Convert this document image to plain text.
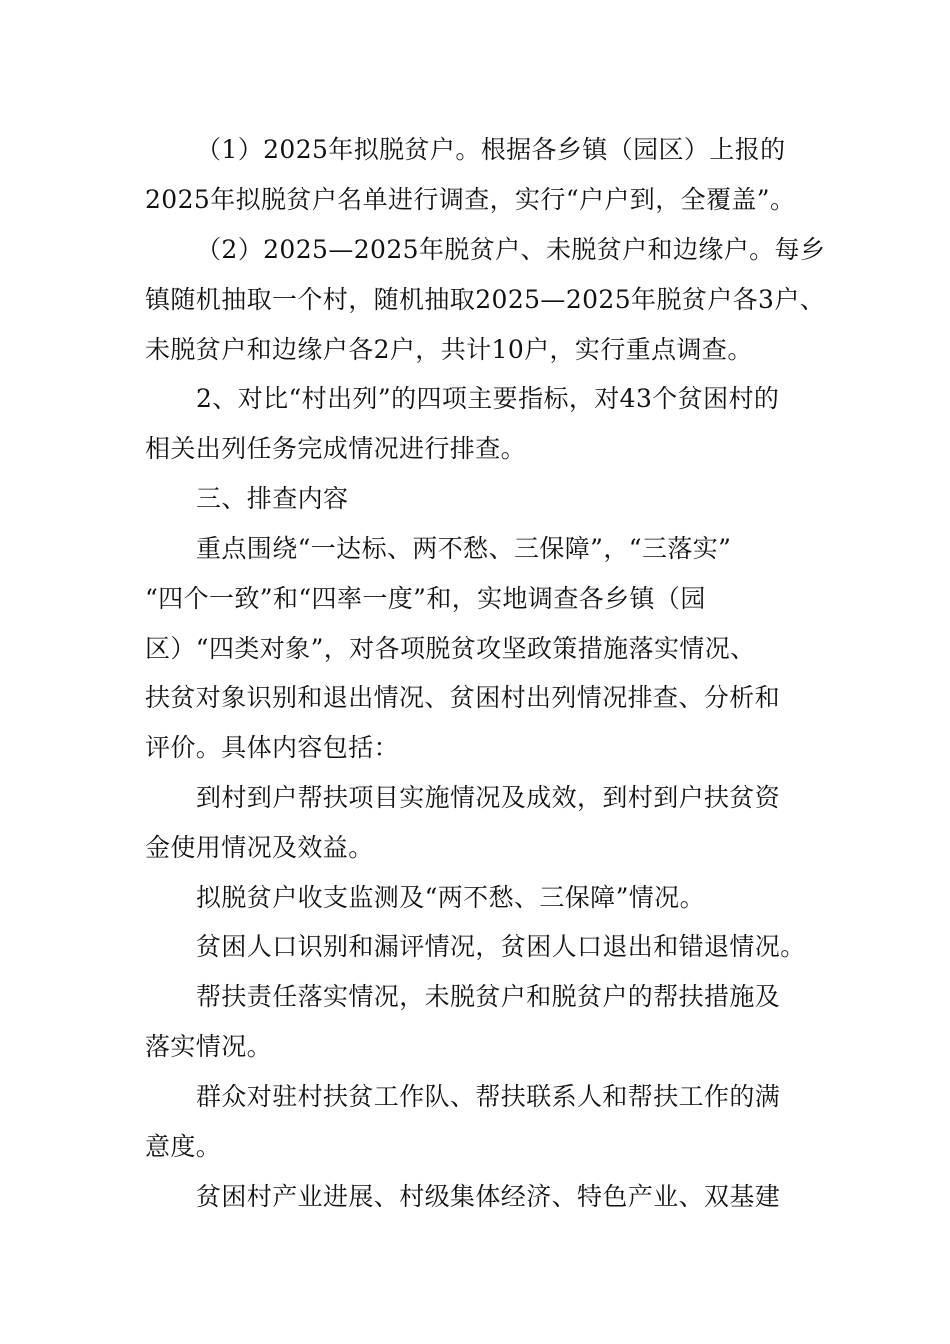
（1）2025年拟脱贫户。根据各乡镇（园区）上报的

2025年拟脱贫户名单进行调查，实行“户户到，全覆盖”。

（2）2025—2025年脱贫户、未脱贫户和边缘户。每乡

镇随机抽取一个村，随机抽取2025—2025年脱贫户各3户、

未脱贫户和边缘户各2户，共计10户，实行重点调查。

2、对比“村出列”的四项主要指标，对43个贫困村的

相关出列任务完成情况进行排查。

三、排查内容

重点围绕“一达标、两不愁、三保障”，“三落实”

“四个一致”和“四率一度”和，实地调查各乡镇（园

区）“四类对象”，对各项脱贫攻坚政策措施落实情况、

扶贫对象识别和退出情况、贫困村出列情况排查、分析和

评价。具体内容包括：

到村到户帮扶项目实施情况及成效，到村到户扶贫资

金使用情况及效益。

拟脱贫户收支监测及“两不愁、三保障”情况。

贫困人口识别和漏评情况，贫困人口退出和错退情况。

帮扶责任落实情况，未脱贫户和脱贫户的帮扶措施及

落实情况。

群众对驻村扶贫工作队、帮扶联系人和帮扶工作的满

意度。

贫困村产业进展、村级集体经济、特色产业、双基建
